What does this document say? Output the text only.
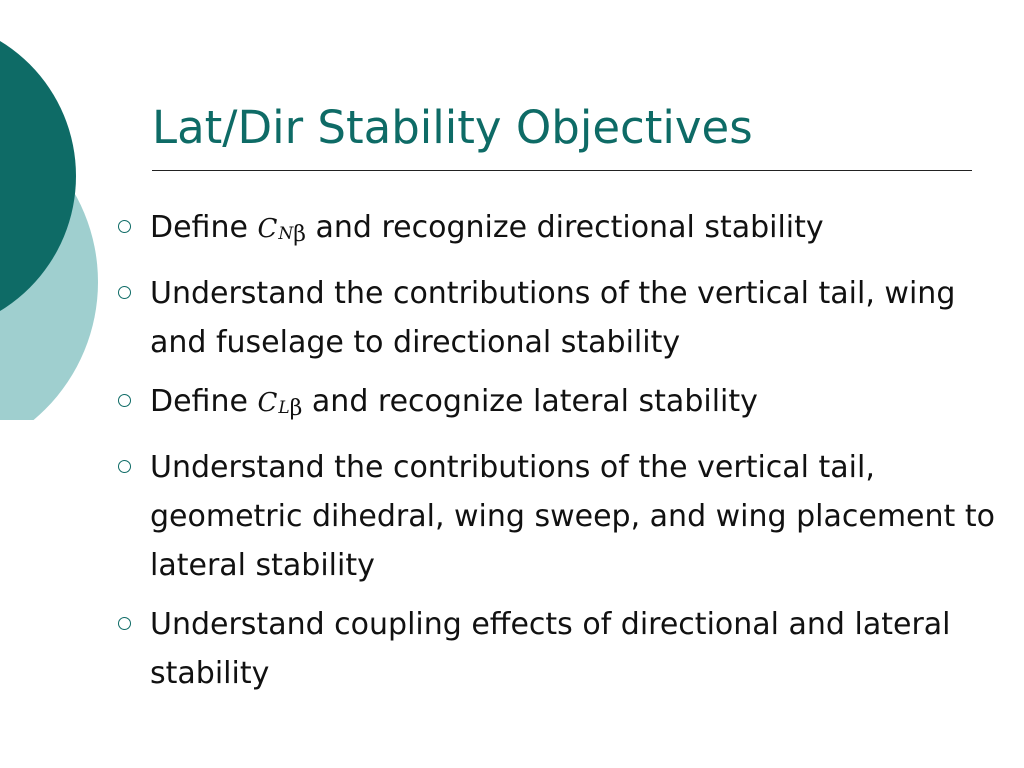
Lat/Dir Stability Objectives
Define CNβ and recognize directional stability
Understand the contributions of the vertical tail, wing and fuselage to directional stability
Define CLβ and recognize lateral stability
Understand the contributions of the vertical tail, geometric dihedral, wing sweep, and wing placement to lateral stability
Understand coupling effects of directional and lateral stability
